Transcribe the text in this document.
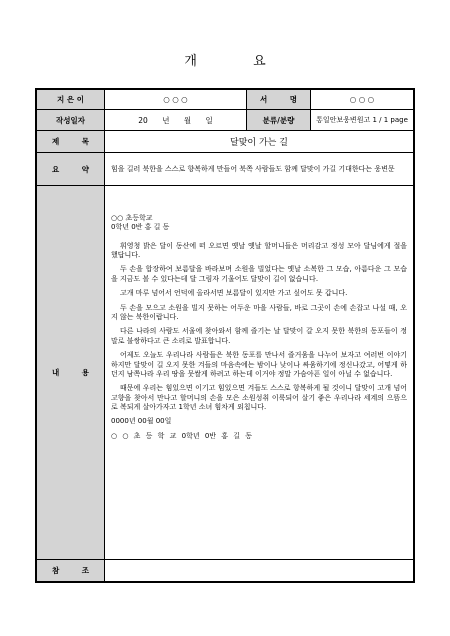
개 요
지 은 이	○ ○ ○	서 명	○ ○ ○
작성일자	20 년 월 일	분류/분량	통일안보웅변원고 1 / 1 page
제 목	달맞이 가는 길
요 약	힘을 길러 북한을 스스로 향복하게 만들어 북쪽 사람들도 함께 달맞이 가길 기대한다는 웅변문
내 용

○○ 초등학교

0학년 0반 홍 길 동

휘영청 밝은 달이 동산에 떠 오르면 옛날 옛날 할머니들은 머리감고 정성 모아 달님에게 절을 했답니다.

두 손을 합장하여 보름달을 바라보며 소원을 빌었다는 옛날 소복한 그 모습, 아름다운 그 모습을 지금도 볼 수 있다는데 달 그림자 기울어도 달맞이 길이 없습니다.

고개 마루 넘어서 언덕에 올라서면 보름달이 있지만 가고 싶어도 못 갑니다.

두 손을 모으고 소원을 빌지 못하는 어두운 마을 사람들, 바로 그곳이 손에 손잡고 나설 때, 오지 않는 북한이랍니다.

다른 나라의 사람도 서울에 찾아와서 함께 즐기는 날 달맞이 갈 오지 못한 북한의 동포들이 정말로 불쌍하다고 큰 소리로 발표합니다.

어제도 오늘도 우리나라 사람들은 북한 동포를 만나서 즐거움을 나누어 보자고 여러번 이야기 하지만 달맞이 길 오지 못한 겨들의 마음속에는 밤이나 낮이나 싸움하기에 정신나갔고, 어떻게 하던지 남쪽나라 우리 땅을 뭇쌀게 하려고 하는데 이거야 정말 가슴아픈 일이 아닐 수 없습니다.

때문에 우리는 힘있으면 이기고 힘있으면 겨들도 스스로 항복하게 될 것이니 달맞이 고개 넘어 고향을 찾아서 만나고 할머니의 손을 모은 소원성취 이룩되어 살기 좋은 우리나라 세계의 으뜸으로 복되게 살아가자고 1학년 소녀 힘차게 외칩니다.

0000년 00월 00일

○ ○ 초 등 학 교 0학년 0반 홍 길 동

참 조
